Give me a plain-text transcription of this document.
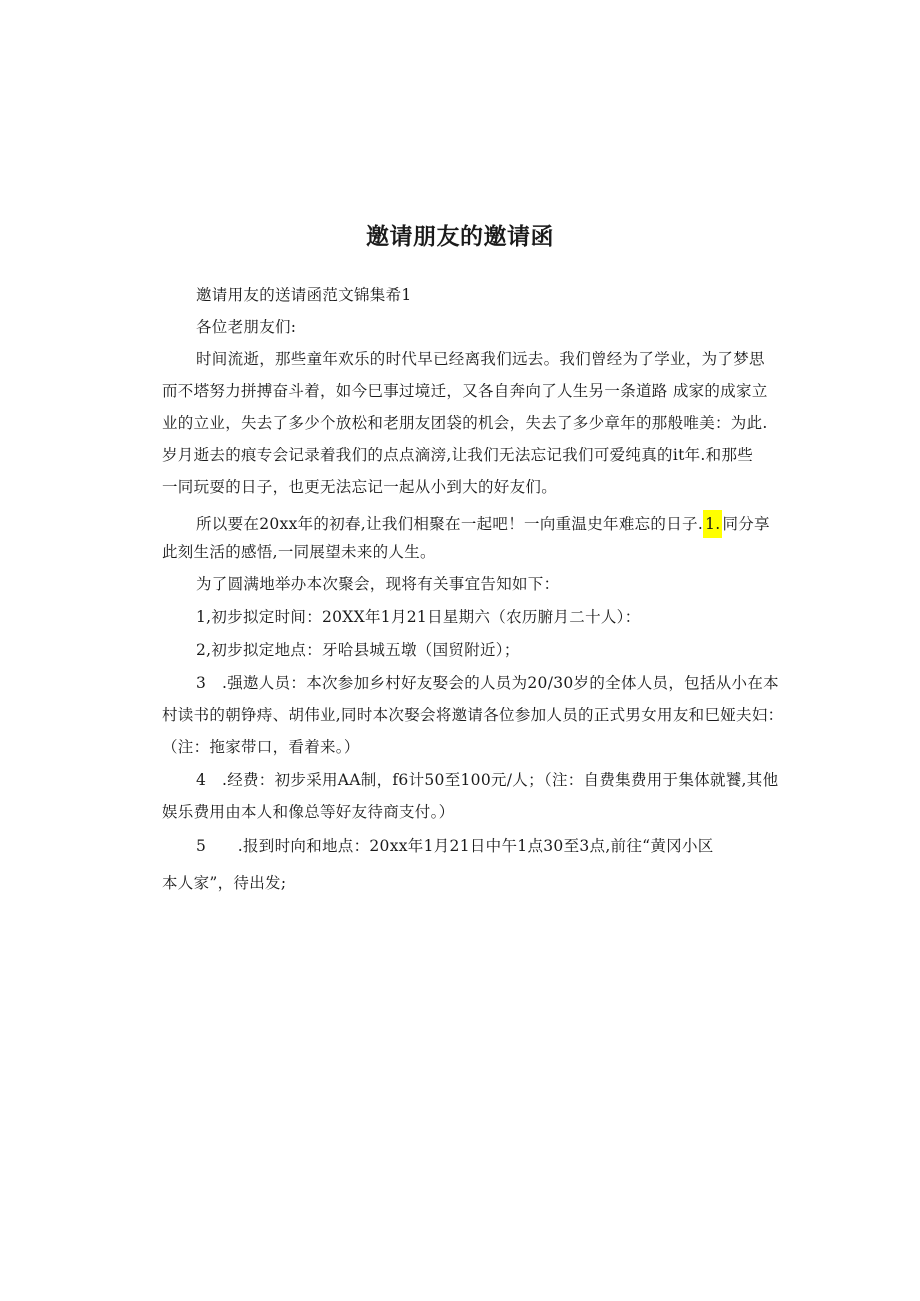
邀请朋友的邀请函
邀请用友的送请函范文锦集希1
各位老朋友们:
时间流逝，那些童年欢乐的时代早已经离我们远去。我们曾经为了学业，为了梦思
而不塔努力拼搏奋斗着，如今巳事过境迁，又各自奔向了人生另一条道路 成家的成家立
业的立业，失去了多少个放松和老朋友团袋的机会，失去了多少章年的那般唯美：为此.
岁月逝去的痕专会记录着我们的点点滴滂,让我们无法忘记我们可爱纯真的it年.和那些
一同玩耍的日子，也更无法忘记一起从小到大的好友们。
所以要在20xx年的初春,让我们相聚在一起吧！一向重温史年难忘的日子. 1. 同分享
此刻生活的感悟,一同展望未来的人生。
为了圆满地举办本次聚会，现将有关事宜告知如下：
1,初步拟定时间：20XX年1月21日星期六（农历腑月二十人）：
2,初步拟定地点：牙哈县城五墩（国贸附近）；
3　.强遨人员：本次参加乡村好友娶会的人员为20/30岁的全体人员，包括从小在本
村读书的朝铮痔、胡伟业,同时本次娶会将邀请各位参加人员的正式男女用友和巳娅夫妇：
（注：拖家带口，看着来。）
4　.经费：初步采用AA制，f6计50至100元/人；（注：自费集费用于集体就饕,其他
娱乐费用由本人和像总等好友待商支付。）
5　　.报到时向和地点：20xx年1月21日中午1点30至3点,前往“黄冈小区
本人家”，待出发;
